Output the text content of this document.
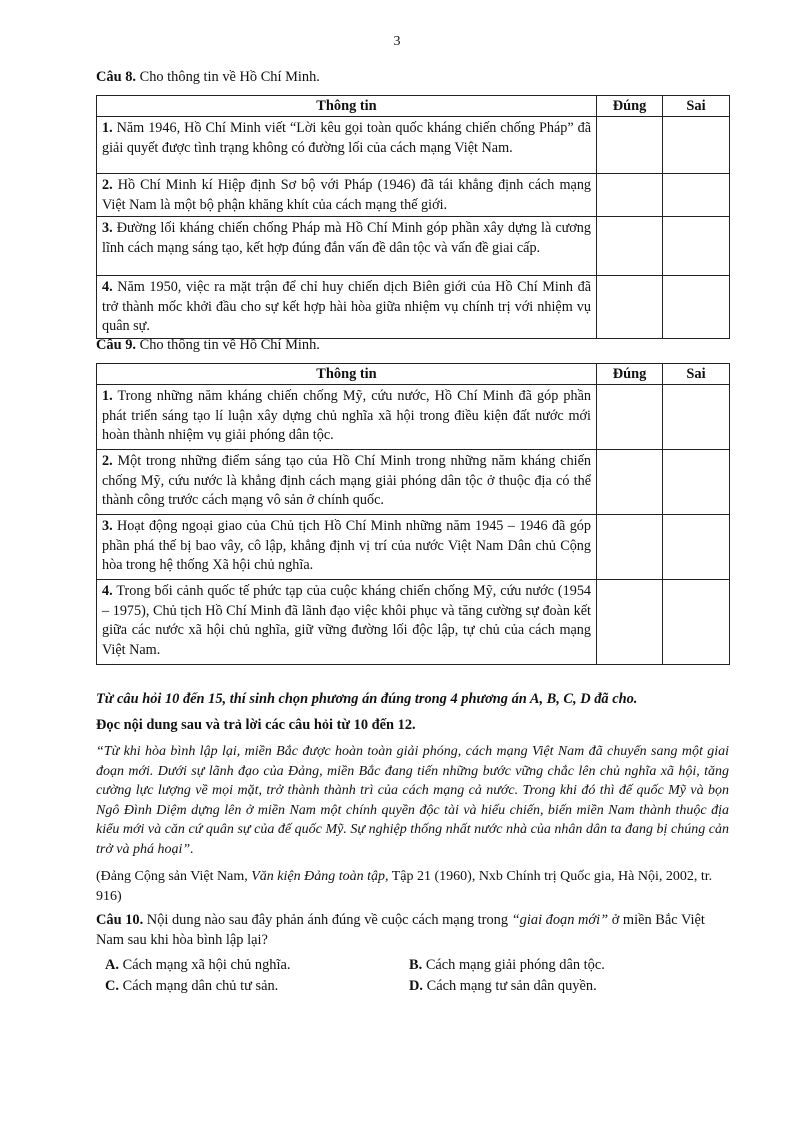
3
Câu 8. Cho thông tin về Hồ Chí Minh.
Thông tin	Đúng	Sai
1. Năm 1946, Hồ Chí Minh viết “Lời kêu gọi toàn quốc kháng chiến chống Pháp” đã giải quyết được tình trạng không có đường lối của cách mạng Việt Nam.		
2. Hồ Chí Minh kí Hiệp định Sơ bộ với Pháp (1946) đã tái khẳng định cách mạng Việt Nam là một bộ phận khăng khít của cách mạng thế giới.		
3. Đường lối kháng chiến chống Pháp mà Hồ Chí Minh góp phần xây dựng là cương lĩnh cách mạng sáng tạo, kết hợp đúng đắn vấn đề dân tộc và vấn đề giai cấp.		
4. Năm 1950, việc ra mặt trận để chỉ huy chiến dịch Biên giới của Hồ Chí Minh đã trở thành mốc khởi đầu cho sự kết hợp hài hòa giữa nhiệm vụ chính trị với nhiệm vụ quân sự.		
Câu 9. Cho thông tin về Hồ Chí Minh.
Thông tin	Đúng	Sai
1. Trong những năm kháng chiến chống Mỹ, cứu nước, Hồ Chí Minh đã góp phần phát triển sáng tạo lí luận xây dựng chủ nghĩa xã hội trong điều kiện đất nước mới hoàn thành nhiệm vụ giải phóng dân tộc.		
2. Một trong những điểm sáng tạo của Hồ Chí Minh trong những năm kháng chiến chống Mỹ, cứu nước là khẳng định cách mạng giải phóng dân tộc ở thuộc địa có thể thành công trước cách mạng vô sản ở chính quốc.		
3. Hoạt động ngoại giao của Chủ tịch Hồ Chí Minh những năm 1945 – 1946 đã góp phần phá thế bị bao vây, cô lập, khẳng định vị trí của nước Việt Nam Dân chủ Cộng hòa trong hệ thống Xã hội chủ nghĩa.		
4. Trong bối cảnh quốc tế phức tạp của cuộc kháng chiến chống Mỹ, cứu nước (1954 – 1975), Chủ tịch Hồ Chí Minh đã lãnh đạo việc khôi phục và tăng cường sự đoàn kết giữa các nước xã hội chủ nghĩa, giữ vững đường lối độc lập, tự chủ của cách mạng Việt Nam.		
Từ câu hỏi 10 đến 15, thí sinh chọn phương án đúng trong 4 phương án A, B, C, D đã cho.
Đọc nội dung sau và trả lời các câu hỏi từ 10 đến 12.
“Từ khi hòa bình lập lại, miền Bắc được hoàn toàn giải phóng, cách mạng Việt Nam đã chuyển sang một giai đoạn mới. Dưới sự lãnh đạo của Đảng, miền Bắc đang tiến những bước vững chắc lên chủ nghĩa xã hội, tăng cường lực lượng về mọi mặt, trở thành thành trì của cách mạng cả nước. Trong khi đó thì đế quốc Mỹ và bọn Ngô Đình Diệm dựng lên ở miền Nam một chính quyền độc tài và hiếu chiến, biến miền Nam thành thuộc địa kiểu mới và căn cứ quân sự của đế quốc Mỹ. Sự nghiệp thống nhất nước nhà của nhân dân ta đang bị chúng cản trở và phá hoại”.
(Đảng Cộng sản Việt Nam, Văn kiện Đảng toàn tập, Tập 21 (1960), Nxb Chính trị Quốc gia, Hà Nội, 2002, tr. 916)
Câu 10. Nội dung nào sau đây phản ánh đúng về cuộc cách mạng trong “giai đoạn mới” ở miền Bắc Việt Nam sau khi hòa bình lập lại?
A. Cách mạng xã hội chủ nghĩa.	B. Cách mạng giải phóng dân tộc.
C. Cách mạng dân chủ tư sản.	D. Cách mạng tư sản dân quyền.
